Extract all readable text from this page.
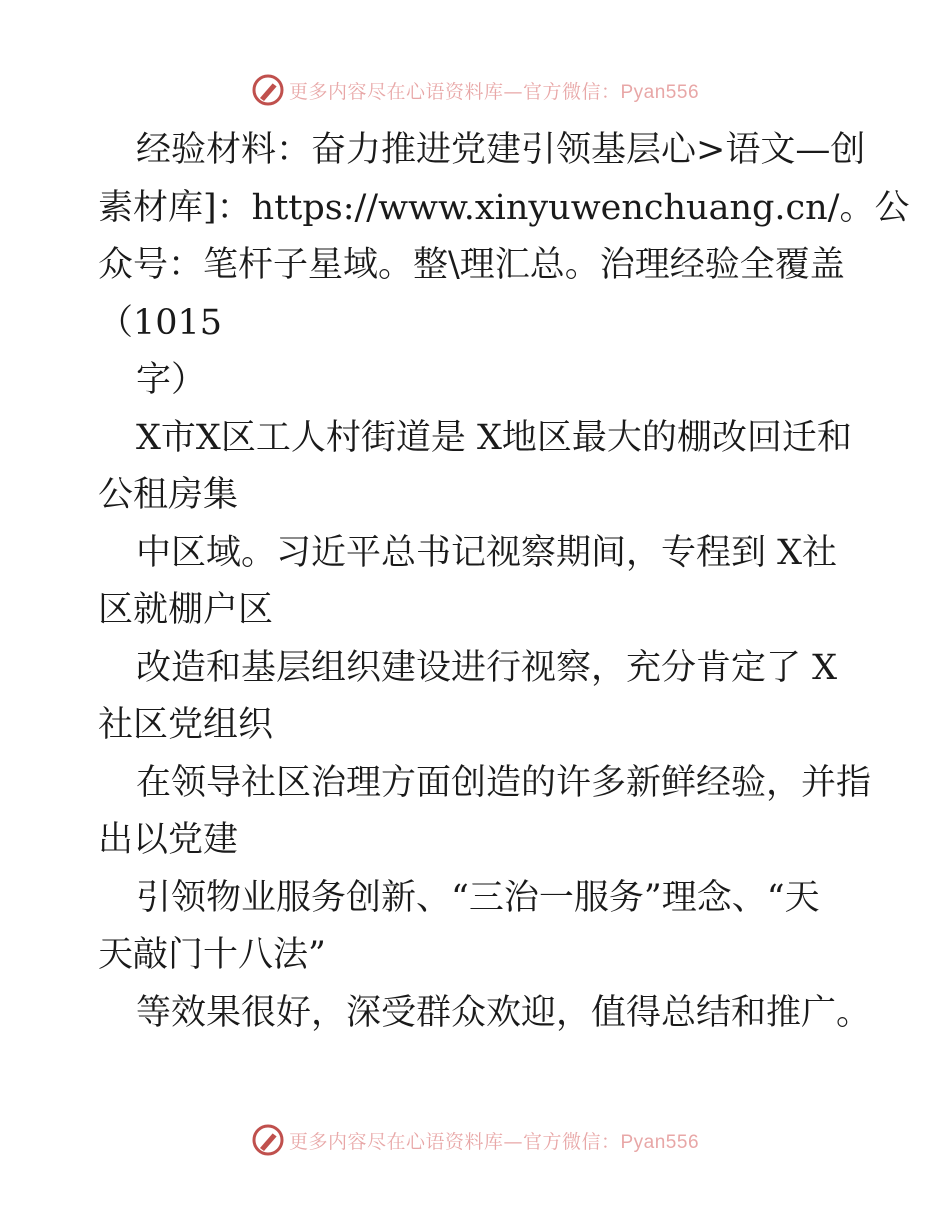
更多内容尽在心语资料库—官方微信：Pyan556
经验材料：奋力推进党建引领基层心>语文—创
素材库]：https://www.xinyuwenchuang.cn/。公
众号：笔杆子星域。整\理汇总。治理经验全覆盖
（1015
字）
X市X区工人村街道是 X地区最大的棚改回迁和
公租房集
中区域。习近平总书记视察期间，专程到 X社
区就棚户区
改造和基层组织建设进行视察，充分肯定了 X
社区党组织
在领导社区治理方面创造的许多新鲜经验，并指
出以党建
引领物业服务创新、“三治一服务”理念、“天
天敲门十八法”
等效果很好，深受群众欢迎，值得总结和推广。
更多内容尽在心语资料库—官方微信：Pyan556
